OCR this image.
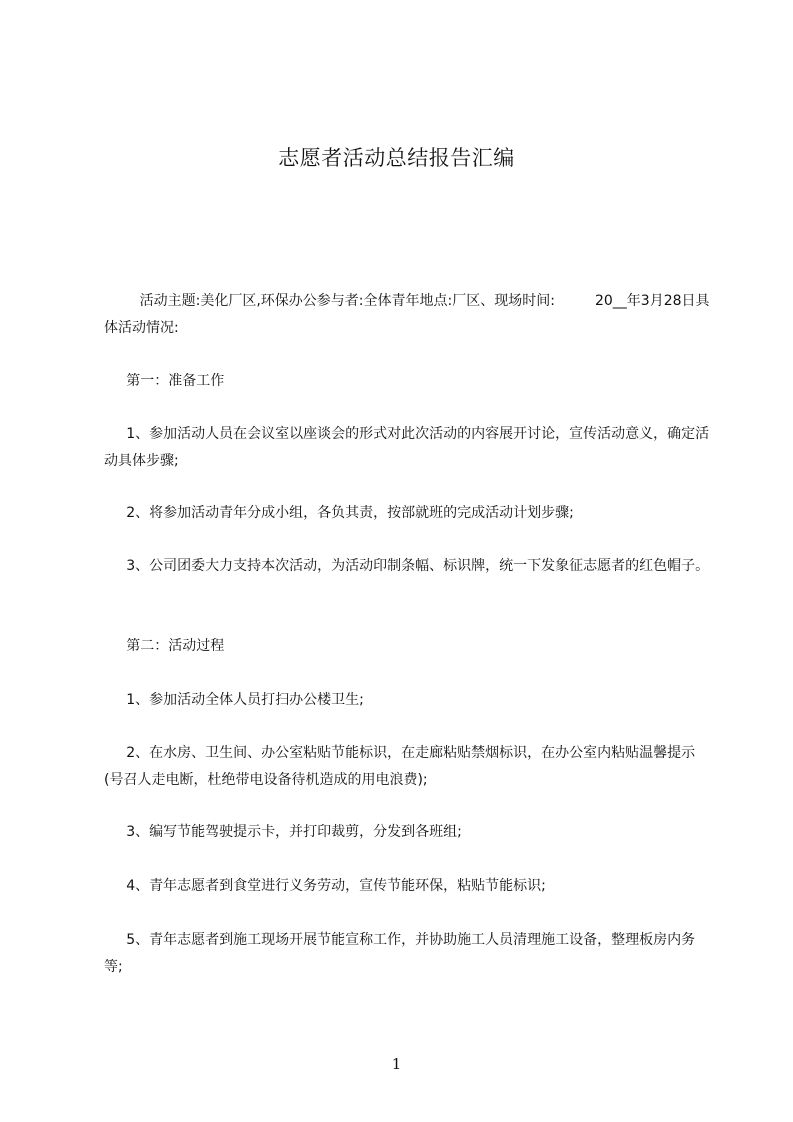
志愿者活动总结报告汇编

活动主题:美化厂区,环保办公参与者:全体青年地点:厂区、现场时间:         20__年3月28日具体活动情况:

第一：准备工作

1、参加活动人员在会议室以座谈会的形式对此次活动的内容展开讨论，宣传活动意义，确定活动具体步骤;

2、将参加活动青年分成小组，各负其责，按部就班的完成活动计划步骤;

3、公司团委大力支持本次活动，为活动印制条幅、标识牌，统一下发象征志愿者的红色帽子。

第二：活动过程

1、参加活动全体人员打扫办公楼卫生;

2、在水房、卫生间、办公室粘贴节能标识，在走廊粘贴禁烟标识，在办公室内粘贴温馨提示(号召人走电断，杜绝带电设备待机造成的用电浪费);

3、编写节能驾驶提示卡，并打印裁剪，分发到各班组;

4、青年志愿者到食堂进行义务劳动，宣传节能环保，粘贴节能标识;

5、青年志愿者到施工现场开展节能宣称工作，并协助施工人员清理施工设备，整理板房内务等;

1
